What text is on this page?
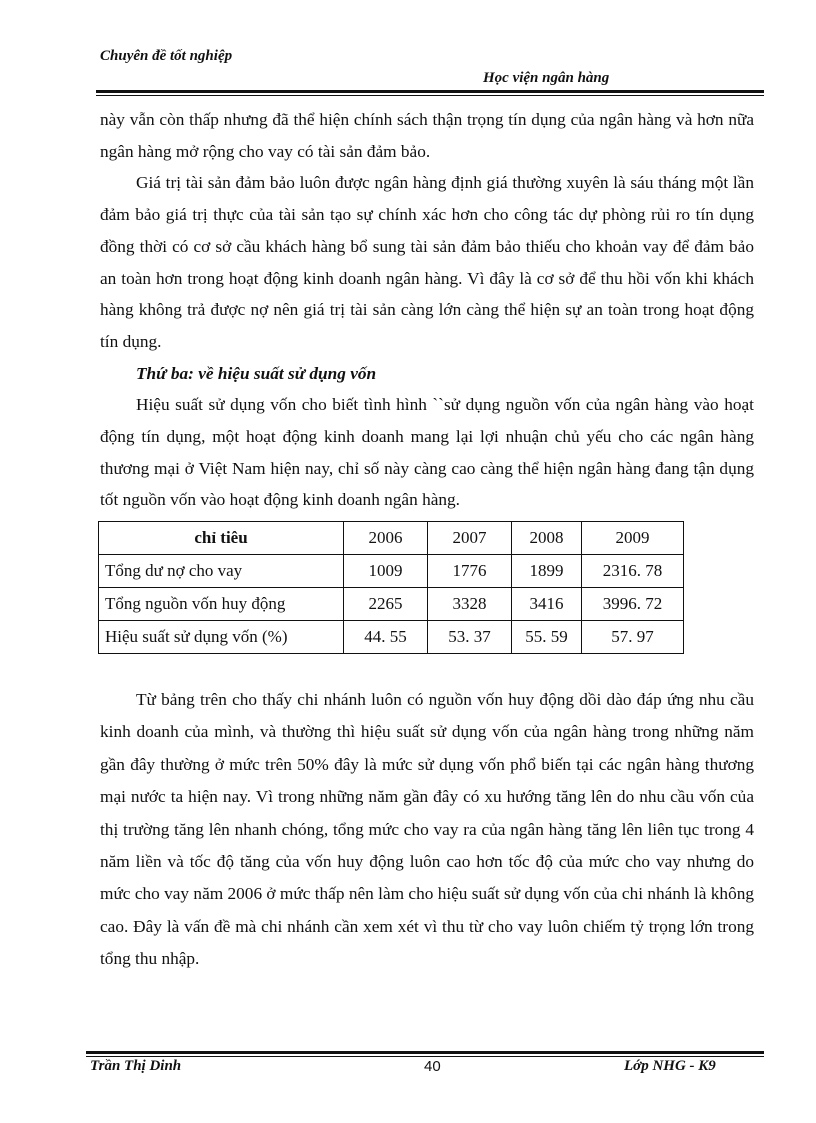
Chuyên đề tốt nghiệp
Học viện ngân hàng

này vẫn còn thấp nhưng đã thể hiện chính sách thận trọng tín dụng của ngân hàng và hơn nữa ngân hàng mở rộng cho vay có tài sản đảm bảo.

Giá trị tài sản đảm bảo luôn được ngân hàng định giá thường xuyên là sáu tháng một lần đảm bảo giá trị thực của tài sản tạo sự chính xác hơn cho công tác dự phòng rủi ro tín dụng đồng thời có cơ sở cầu khách hàng bổ sung tài sản đảm bảo thiếu cho khoản vay để đảm bảo an toàn hơn trong hoạt động kinh doanh ngân hàng. Vì đây là cơ sở để thu hồi vốn khi khách hàng không trả được nợ nên giá trị tài sản càng lớn càng thể hiện sự an toàn trong hoạt động tín dụng.

Thứ ba: về hiệu suất sử dụng vốn

Hiệu suất sử dụng vốn cho biết tình hình ``sử dụng nguồn vốn của ngân hàng vào hoạt động tín dụng, một hoạt động kinh doanh mang lại lợi nhuận chủ yếu cho các ngân hàng thương mại ở Việt Nam hiện nay, chỉ số này càng cao càng thể hiện ngân hàng đang tận dụng tốt nguồn vốn vào hoạt động kinh doanh ngân hàng.

chỉ tiêu	2006	2007	2008	2009
Tổng dư nợ cho vay	1009	1776	1899	2316. 78
Tổng nguồn vốn huy động	2265	3328	3416	3996. 72
Hiệu suất sử dụng vốn (%)	44. 55	53. 37	55. 59	57. 97

Từ bảng trên cho thấy chi nhánh luôn có nguồn vốn huy động dồi dào đáp ứng nhu cầu kinh doanh của mình, và thường thì hiệu suất sử dụng vốn của ngân hàng trong những năm gần đây thường ở mức trên 50% đây là mức sử dụng vốn phổ biến tại các ngân hàng thương mại nước ta hiện nay. Vì trong những năm gần đây có xu hướng tăng lên do nhu cầu vốn của thị trường tăng lên nhanh chóng, tổng mức cho vay ra của ngân hàng tăng lên liên tục trong 4 năm liền và tốc độ tăng của vốn huy động luôn cao hơn tốc độ của mức cho vay nhưng do mức cho vay năm 2006 ở mức thấp nên làm cho hiệu suất sử dụng vốn của chi nhánh là không cao. Đây là vấn đề mà chi nhánh cần xem xét vì thu từ cho vay luôn chiếm tỷ trọng lớn trong tổng thu nhập.

Trần Thị Dinh	40	Lớp NHG - K9
